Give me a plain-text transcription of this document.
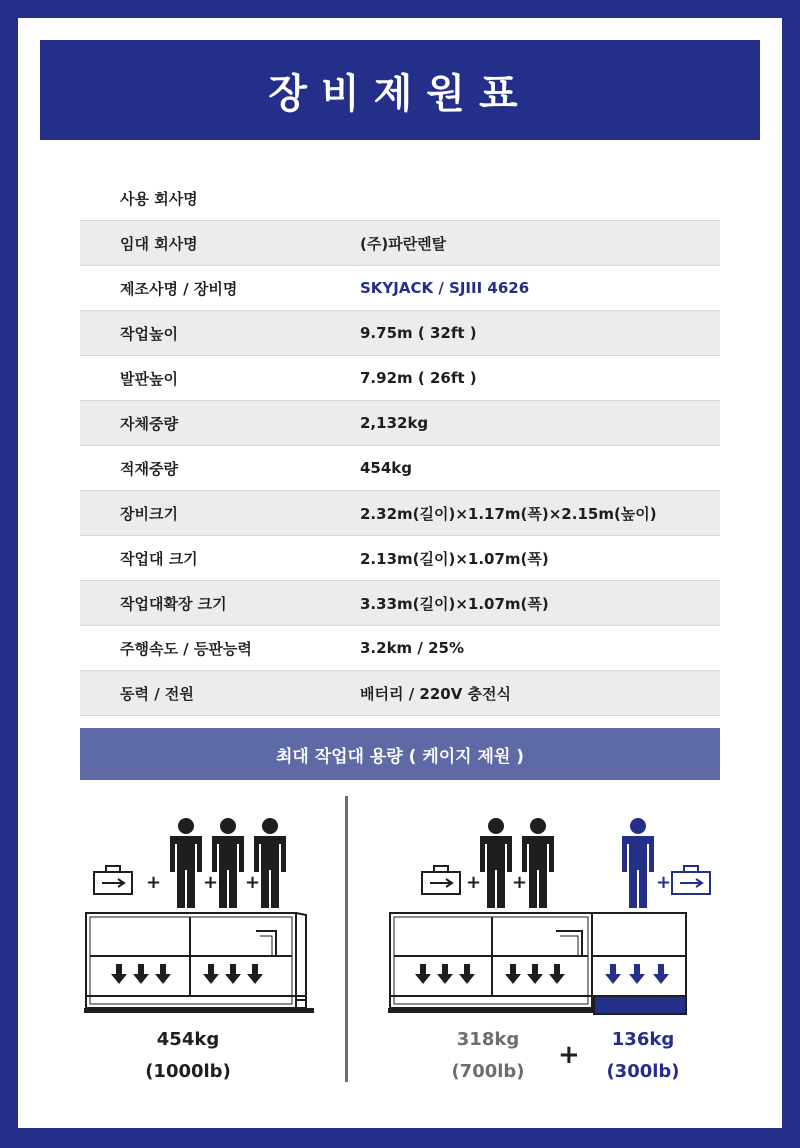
장비제원표
사용 회사명
임대 회사명	(주)파란렌탈
제조사명 / 장비명	SKYJACK / SJIII 4626
작업높이	9.75m ( 32ft )
발판높이	7.92m ( 26ft )
자체중량	2,132kg
적재중량	454kg
장비크기	2.32m(길이)×1.17m(폭)×2.15m(높이)
작업대 크기	2.13m(길이)×1.07m(폭)
작업대확장 크기	3.33m(길이)×1.07m(폭)
주행속도 / 등판능력	3.2km / 25%
동력 / 전원	배터리 / 220V 충전식
최대 작업대 용량 ( 케이지 제원 )
+ + +
454kg
(1000lb)
+ +	+
318kg
(700lb)
+
136kg
(300lb)
